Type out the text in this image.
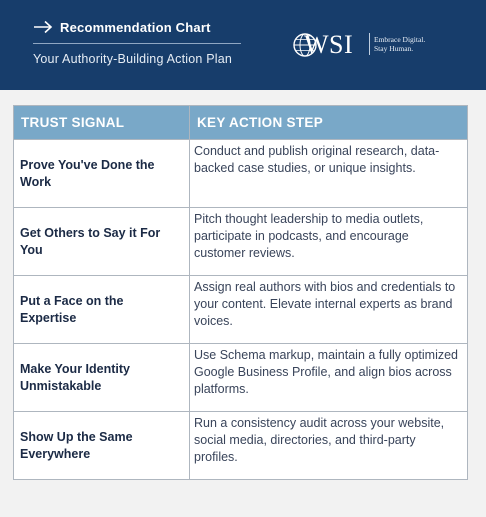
Recommendation Chart
Your Authority-Building Action Plan	WSI	Embrace Digital.
Stay Human.
TRUST SIGNAL	KEY ACTION STEP
Prove You've Done the Work	Conduct and publish original research, data-backed case studies, or unique insights.
Get Others to Say it For You	Pitch thought leadership to media outlets, participate in podcasts, and encourage customer reviews.
Put a Face on the Expertise	Assign real authors with bios and credentials to your content. Elevate internal experts as brand voices.
Make Your Identity Unmistakable	Use Schema markup, maintain a fully optimized Google Business Profile, and align bios across platforms.
Show Up the Same Everywhere	Run a consistency audit across your website, social media, directories, and third-party profiles.
